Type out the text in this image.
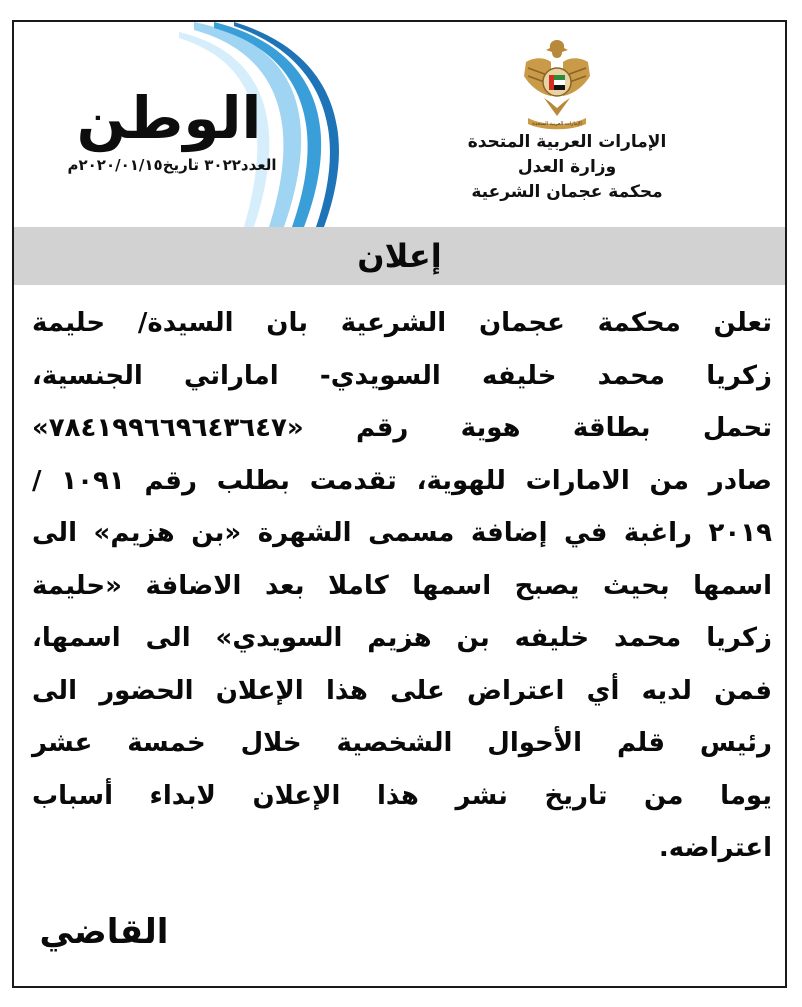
الإمارات العربية المتحدة
الإمارات العربية المتحدة
وزارة العدل
محكمة عجمان الشرعية
الوطن
العدد٣٠٢٢ تاريخ٢٠٢٠/٠١/١٥م
إعلان
تعلن محكمة عجمان الشرعية بان السيدة/ حليمة
زكريا محمد خليفه السويدي- اماراتي الجنسية،
تحمل بطاقة هوية رقم «٧٨٤١٩٩٦٦٩٦٤٣٦٤٧»
صادر من الامارات للهوية، تقدمت بطلب رقم ١٠٩١ /
٢٠١٩ راغبة في إضافة مسمى الشهرة «بن هزيم» الى
اسمها بحيث يصبح اسمها كاملا بعد الاضافة «حليمة
زكريا محمد خليفه بن هزيم السويدي» الى اسمها،
فمن لديه أي اعتراض على هذا الإعلان الحضور الى
رئيس قلم الأحوال الشخصية خلال خمسة عشر
يوما من تاريخ نشر هذا الإعلان لابداء أسباب
اعتراضه.
القاضي
